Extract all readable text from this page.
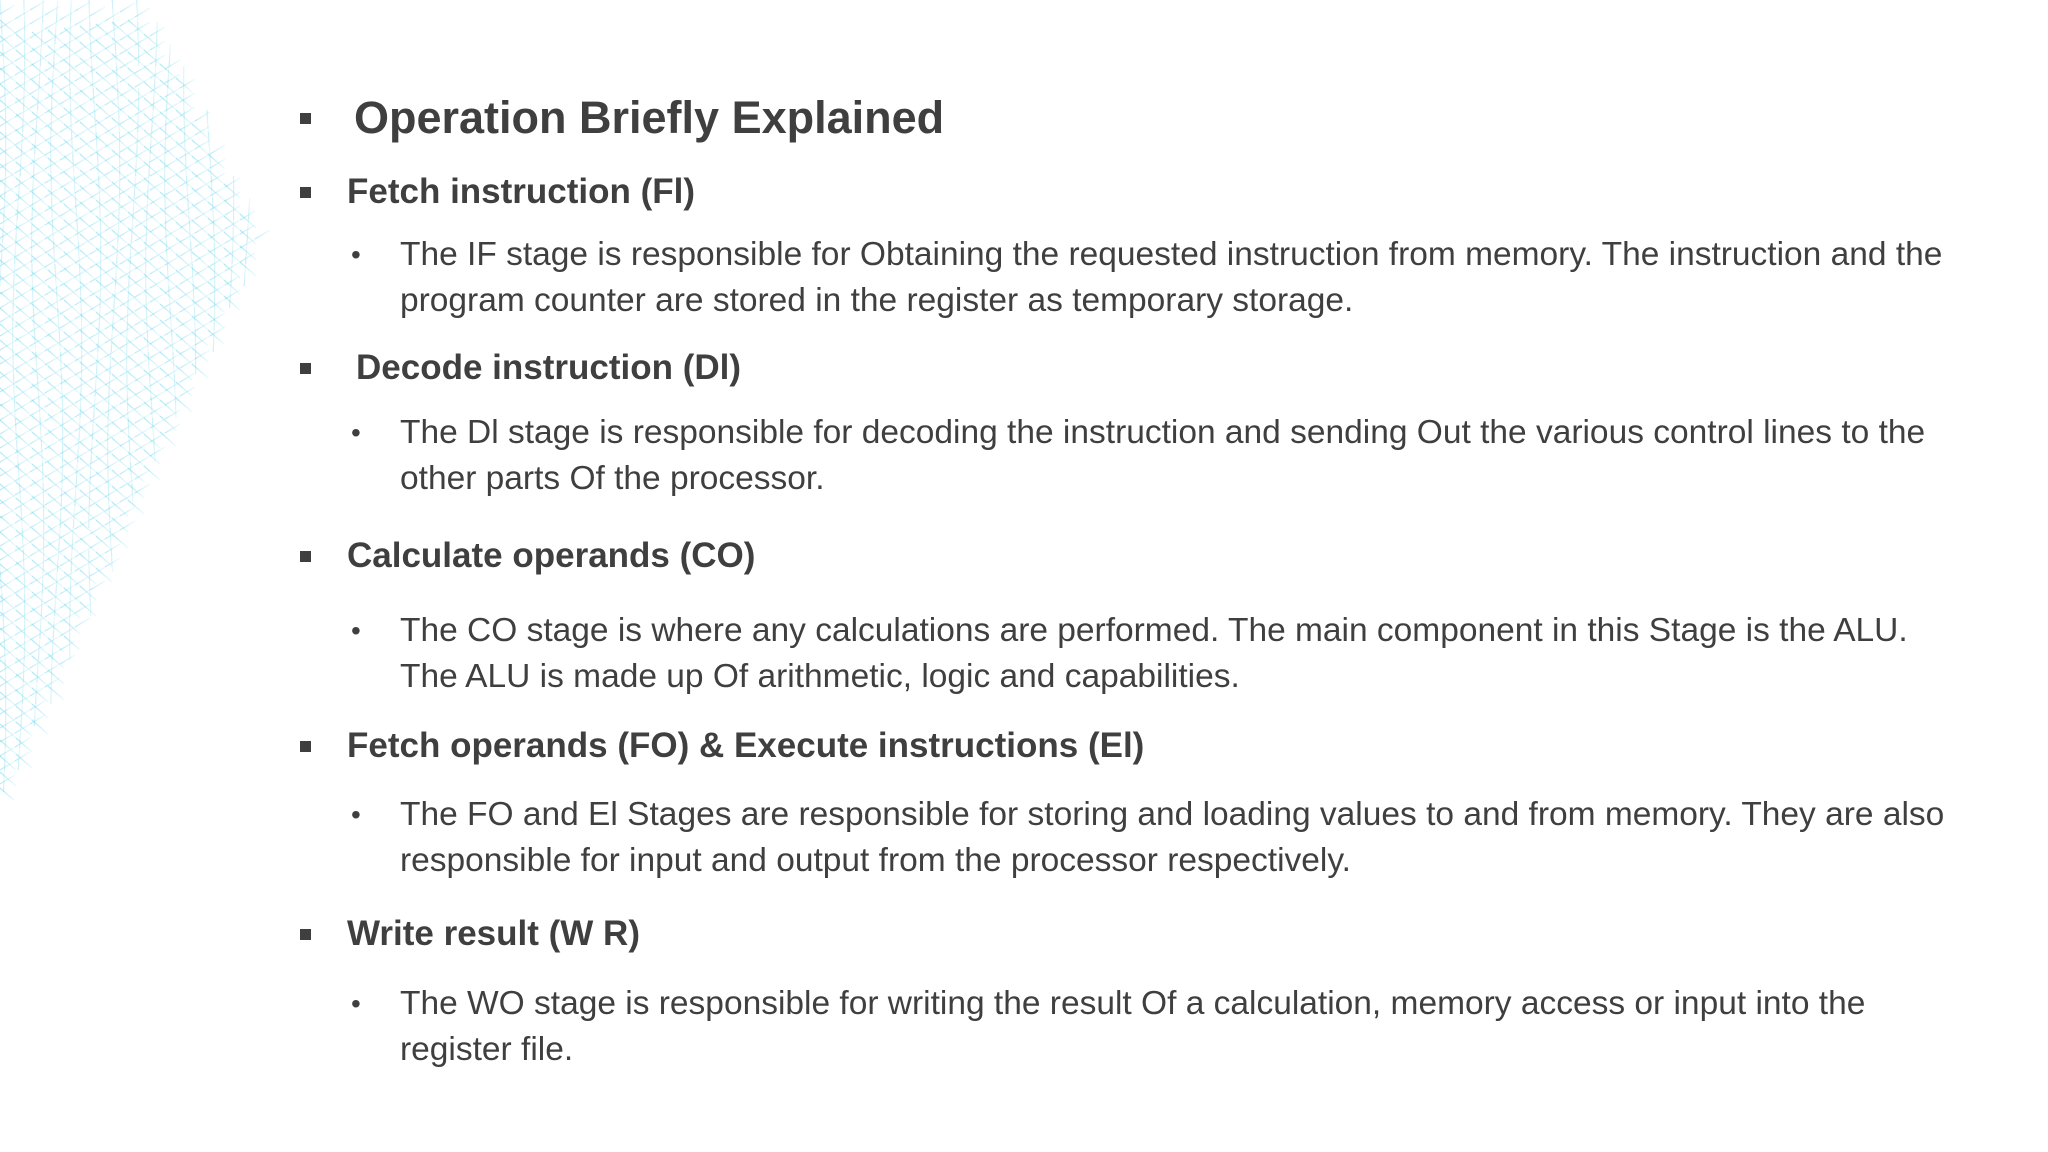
Operation Briefly Explained
Fetch instruction (Fl)
•	The IF stage is responsible for Obtaining the requested instruction from memory. The instruction and the program counter are stored in the register as temporary storage.
Decode instruction (Dl)
•	The Dl stage is responsible for decoding the instruction and sending Out the various control lines to the other parts Of the processor.
Calculate operands (CO)
•	The CO stage is where any calculations are performed. The main component in this Stage is the ALU. The ALU is made up Of arithmetic, logic and capabilities.
Fetch operands (FO) & Execute instructions (El)
•	The FO and El Stages are responsible for storing and loading values to and from memory. They are also responsible for input and output from the processor respectively.
Write result (W R)
•	The WO stage is responsible for writing the result Of a calculation, memory access or input into the register file.
